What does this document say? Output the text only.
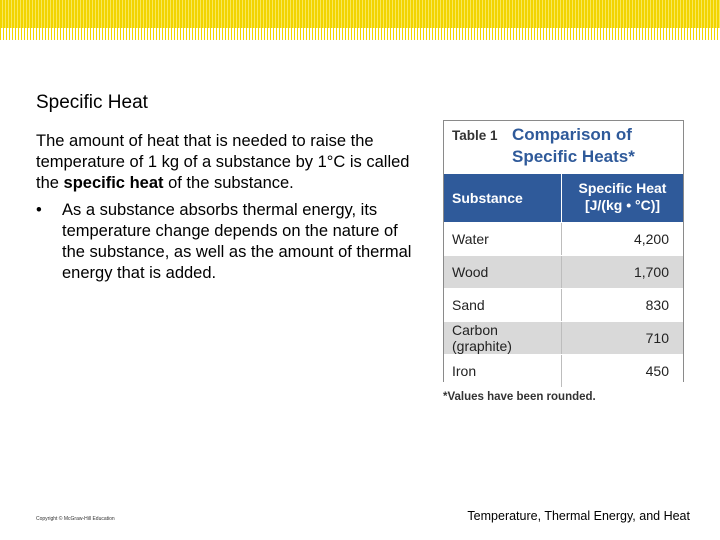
Specific Heat

The amount of heat that is needed to raise the temperature of 1 kg of a substance by 1°C is called the specific heat of the substance.

• As a substance absorbs thermal energy, its temperature change depends on the nature of the substance, as well as the amount of thermal energy that is added.
Table 1 Comparison of
Specific Heats*
Substance
Specific Heat
[J/(kg • °C)]
Water	4,200
Wood	1,700
Sand	830
Carbon (graphite)	710
Iron	450
*Values have been rounded.
Copyright © McGraw-Hill Education	Temperature, Thermal Energy, and Heat
